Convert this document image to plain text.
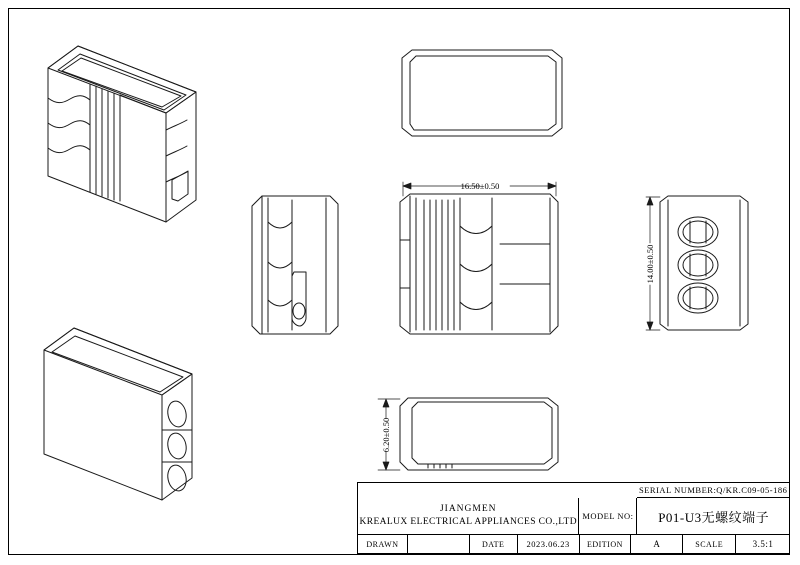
16.50±0.50
14.00±0.50
6.20±0.50
SERIAL NUMBER:Q/KR.C09-05-186
JIANGMEN
KREALUX ELECTRICAL APPLIANCES CO.,LTD
MODEL NO:	P01-U3无螺纹端子
DRAWN	DATE	2023.06.23	EDITION	A	SCALE	3.5:1
